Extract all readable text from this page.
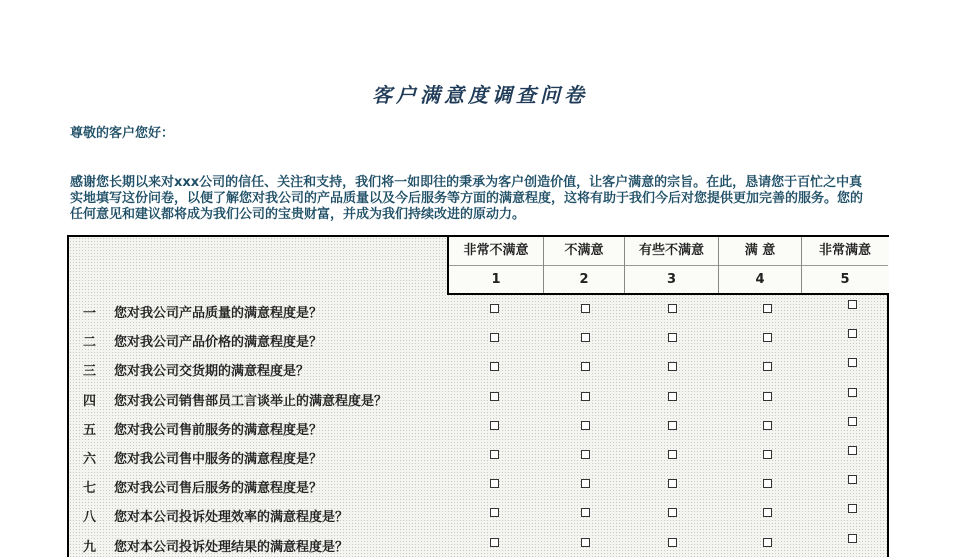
客户满意度调查问卷
尊敬的客户您好：

感谢您长期以来对xxx公司的信任、关注和支持，我们将一如即往的秉承为客户创造价值，让客户满意的宗旨。在此，恳请您于百忙之中真实地填写这份问卷，以便了解您对我公司的产品质量以及今后服务等方面的满意程度，这将有助于我们今后对您提供更加完善的服务。您的任何意见和建议都将成为我们公司的宝贵财富，并成为我们持续改进的原动力。

非常不满意
1
不满意
2
有些不满意
3
满 意
4
非常满意
5
一 您对我公司产品质量的满意程度是？
二 您对我公司产品价格的满意程度是？
三 您对我公司交货期的满意程度是？
四 您对我公司销售部员工言谈举止的满意程度是？
五 您对我公司售前服务的满意程度是？
六 您对我公司售中服务的满意程度是？
七 您对我公司售后服务的满意程度是？
八 您对本公司投诉处理效率的满意程度是？
九 您对本公司投诉处理结果的满意程度是？
